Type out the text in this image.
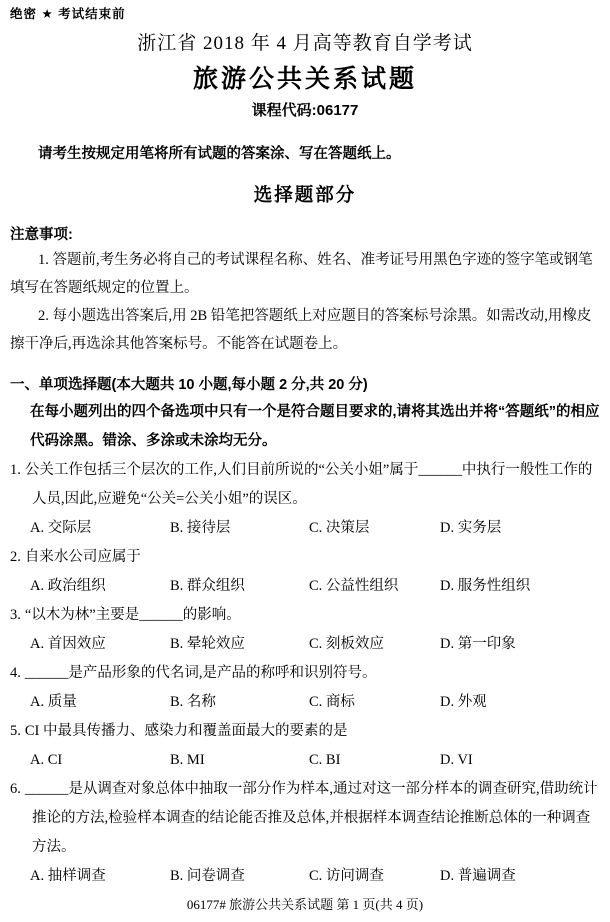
绝密 ★ 考试结束前
浙江省 2018 年 4 月高等教育自学考试
旅游公共关系试题
课程代码:06177

请考生按规定用笔将所有试题的答案涂、写在答题纸上。

选择题部分
注意事项:

1. 答题前,考生务必将自己的考试课程名称、姓名、准考证号用黑色字迹的签字笔或钢笔填写在答题纸规定的位置上。

2. 每小题选出答案后,用 2B 铅笔把答题纸上对应题目的答案标号涂黑。如需改动,用橡皮擦干净后,再选涂其他答案标号。不能答在试题卷上。

一、单项选择题(本大题共 10 小题,每小题 2 分,共 20 分)

在每小题列出的四个备选项中只有一个是符合题目要求的,请将其选出并将“答题纸”的相应代码涂黑。错涂、多涂或未涂均无分。

1. 公关工作包括三个层次的工作,人们目前所说的“公关小姐”属于______中执行一般性工作的人员,因此,应避免“公关=公关小姐”的误区。

A. 交际层	B. 接待层	C. 决策层	D. 实务层

2. 自来水公司应属于

A. 政治组织	B. 群众组织	C. 公益性组织	D. 服务性组织

3. “以木为林”主要是______的影响。

A. 首因效应	B. 晕轮效应	C. 刻板效应	D. 第一印象

4. ______是产品形象的代名词,是产品的称呼和识别符号。

A. 质量	B. 名称	C. 商标	D. 外观

5. CI 中最具传播力、感染力和覆盖面最大的要素的是

A. CI	B. MI	C. BI	D. VI

6. ______是从调查对象总体中抽取一部分作为样本,通过对这一部分样本的调查研究,借助统计推论的方法,检验样本调查的结论能否推及总体,并根据样本调查结论推断总体的一种调查方法。

A. 抽样调查	B. 问卷调查	C. 访问调查	D. 普遍调查
06177# 旅游公共关系试题 第 1 页(共 4 页)
